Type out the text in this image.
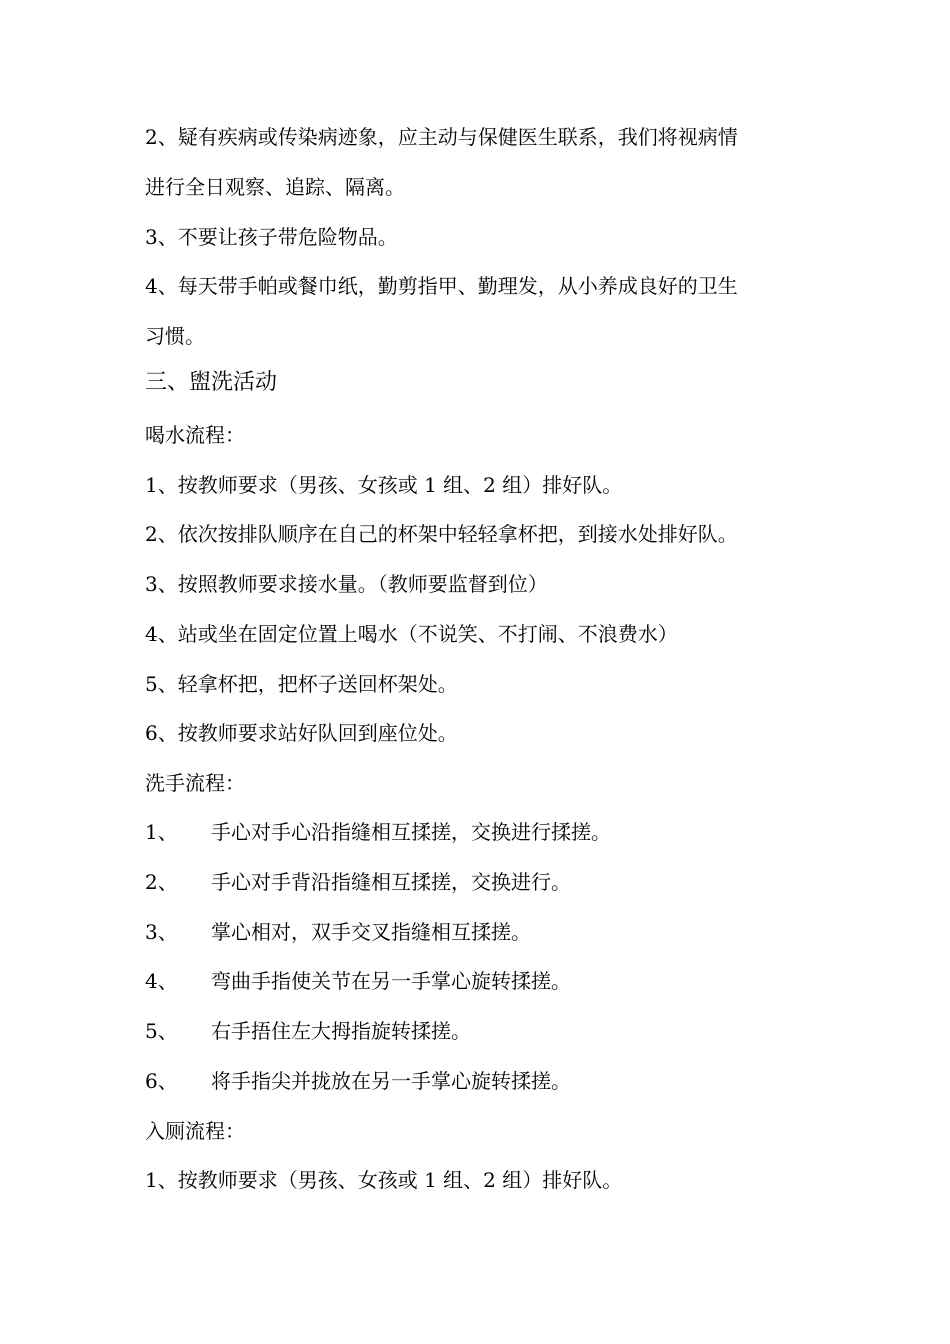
2、疑有疾病或传染病迹象，应主动与保健医生联系，我们将视病情
进行全日观察、追踪、隔离。
3、不要让孩子带危险物品。
4、每天带手帕或餐巾纸，勤剪指甲、勤理发，从小养成良好的卫生
习惯。
三、盥洗活动
喝水流程：
1、按教师要求（男孩、女孩或 1 组、2 组）排好队。
2、依次按排队顺序在自己的杯架中轻轻拿杯把，到接水处排好队。
3、按照教师要求接水量。（教师要监督到位）
4、站或坐在固定位置上喝水（不说笑、不打闹、不浪费水）
5、轻拿杯把，把杯子送回杯架处。
6、按教师要求站好队回到座位处。
洗手流程：
1、 手心对手心沿指缝相互揉搓，交换进行揉搓。
2、 手心对手背沿指缝相互揉搓，交换进行。
3、 掌心相对，双手交叉指缝相互揉搓。
4、 弯曲手指使关节在另一手掌心旋转揉搓。
5、 右手捂住左大拇指旋转揉搓。
6、 将手指尖并拢放在另一手掌心旋转揉搓。
入厕流程：
1、按教师要求（男孩、女孩或 1 组、2 组）排好队。
